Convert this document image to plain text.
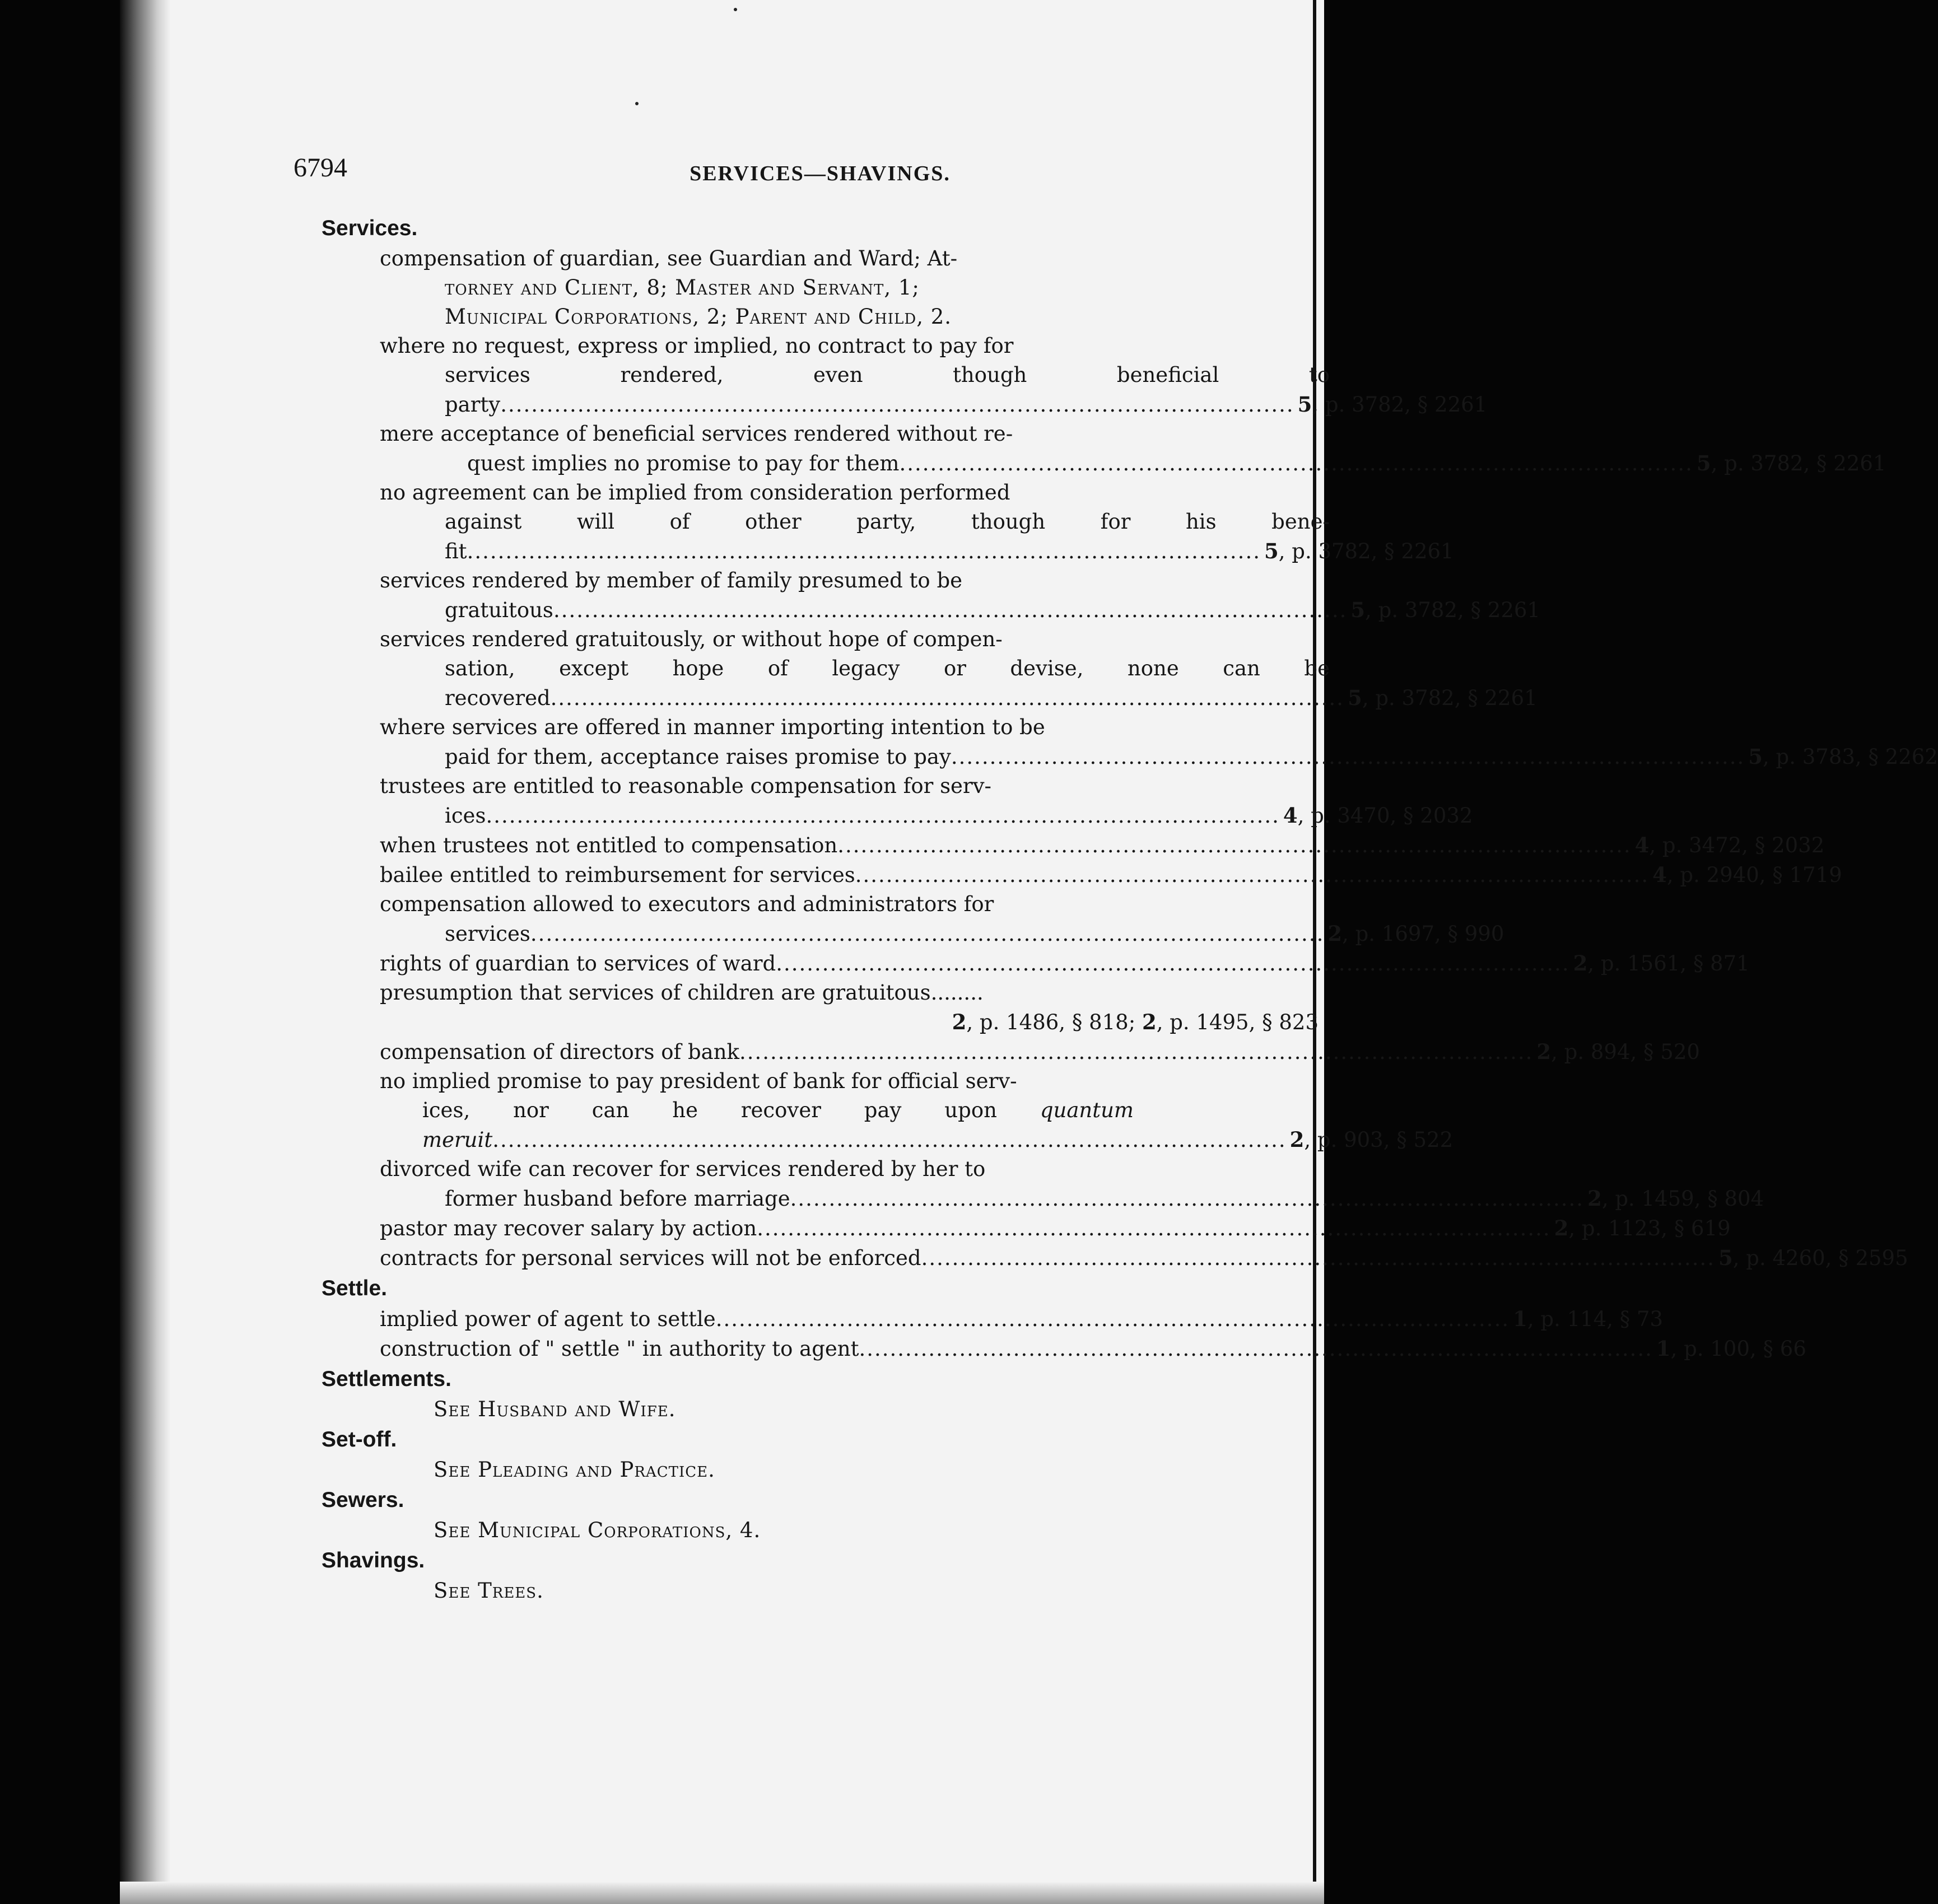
6794	SERVICES—SHAVINGS.
Services.
compensation of guardian, see Guardian and Ward; At-
torney and Client, 8; Master and Servant, 1;
Municipal Corporations, 2; Parent and Child, 2.
where no request, express or implied, no contract to pay for
services rendered, even though beneficial to
party ....................................................................................................... 5, p. 3782, § 2261
mere acceptance of beneficial services rendered without re-
quest implies no promise to pay for them ....................................................................................................... 5, p. 3782, § 2261
no agreement can be implied from consideration performed
against will of other party, though for his bene-
fit ....................................................................................................... 5, p. 3782, § 2261
services rendered by member of family presumed to be
gratuitous ....................................................................................................... 5, p. 3782, § 2261
services rendered gratuitously, or without hope of compen-
sation, except hope of legacy or devise, none can be
recovered ....................................................................................................... 5, p. 3782, § 2261
where services are offered in manner importing intention to be
paid for them, acceptance raises promise to pay ....................................................................................................... 5, p. 3783, § 2262
trustees are entitled to reasonable compensation for serv-
ices ....................................................................................................... 4, p. 3470, § 2032
when trustees not entitled to compensation ....................................................................................................... 4, p. 3472, § 2032
bailee entitled to reimbursement for services ....................................................................................................... 4, p. 2940, § 1719
compensation allowed to executors and administrators for
services ....................................................................................................... 2, p. 1697, § 990
rights of guardian to services of ward ....................................................................................................... 2, p. 1561, § 871
presumption that services of children are gratuitous........
2, p. 1486, § 818; 2, p. 1495, § 823
compensation of directors of bank ....................................................................................................... 2, p. 894, § 520
no implied promise to pay president of bank for official serv-
ices, nor can he recover pay upon quantum
meruit ....................................................................................................... 2, p. 903, § 522
divorced wife can recover for services rendered by her to
former husband before marriage ....................................................................................................... 2, p. 1459, § 804
pastor may recover salary by action ....................................................................................................... 2, p. 1123, § 619
contracts for personal services will not be enforced ....................................................................................................... 5, p. 4260, § 2595
Settle.
implied power of agent to settle ....................................................................................................... 1, p. 114, § 73
construction of " settle " in authority to agent ....................................................................................................... 1, p. 100, § 66
Settlements.
See Husband and Wife.
Set-off.
See Pleading and Practice.
Sewers.
See Municipal Corporations, 4.
Shavings.
See Trees.
